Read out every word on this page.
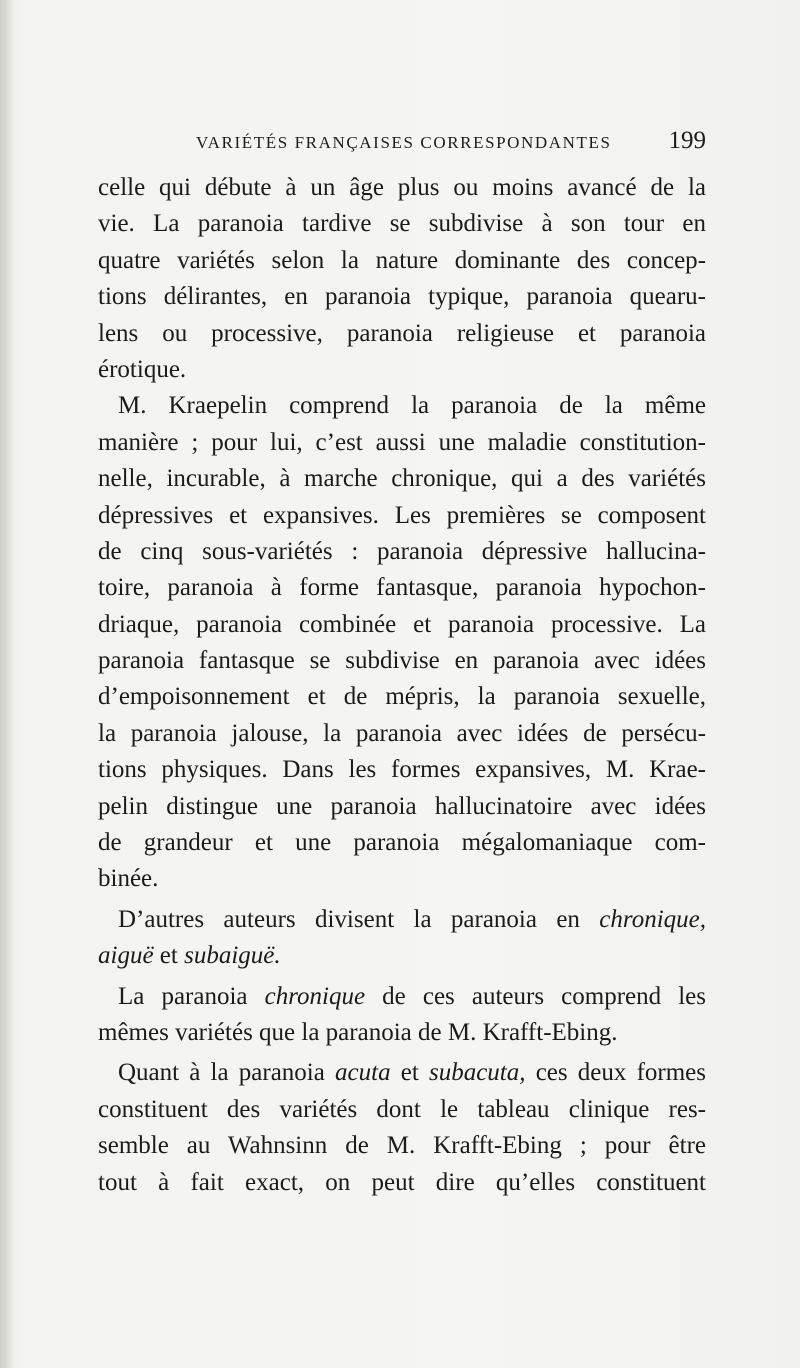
VARIÉTÉS FRANÇAISES CORRESPONDANTES 199
celle qui débute à un âge plus ou moins avancé de la
vie. La paranoia tardive se subdivise à son tour en
quatre variétés selon la nature dominante des concep-
tions délirantes, en paranoia typique, paranoia quearu-
lens ou processive, paranoia religieuse et paranoia
érotique.
M. Kraepelin comprend la paranoia de la même
manière ; pour lui, c’est aussi une maladie constitution-
nelle, incurable, à marche chronique, qui a des variétés
dépressives et expansives. Les premières se composent
de cinq sous-variétés : paranoia dépressive hallucina-
toire, paranoia à forme fantasque, paranoia hypochon-
driaque, paranoia combinée et paranoia processive. La
paranoia fantasque se subdivise en paranoia avec idées
d’empoisonnement et de mépris, la paranoia sexuelle,
la paranoia jalouse, la paranoia avec idées de persécu-
tions physiques. Dans les formes expansives, M. Krae-
pelin distingue une paranoia hallucinatoire avec idées
de grandeur et une paranoia mégalomaniaque com-
binée.
D’autres auteurs divisent la paranoia en chronique,
aiguë et subaiguë.
La paranoia chronique de ces auteurs comprend les
mêmes variétés que la paranoia de M. Krafft-Ebing.
Quant à la paranoia acuta et subacuta, ces deux formes
constituent des variétés dont le tableau clinique res-
semble au Wahnsinn de M. Krafft-Ebing ; pour être
tout à fait exact, on peut dire qu’elles constituent
